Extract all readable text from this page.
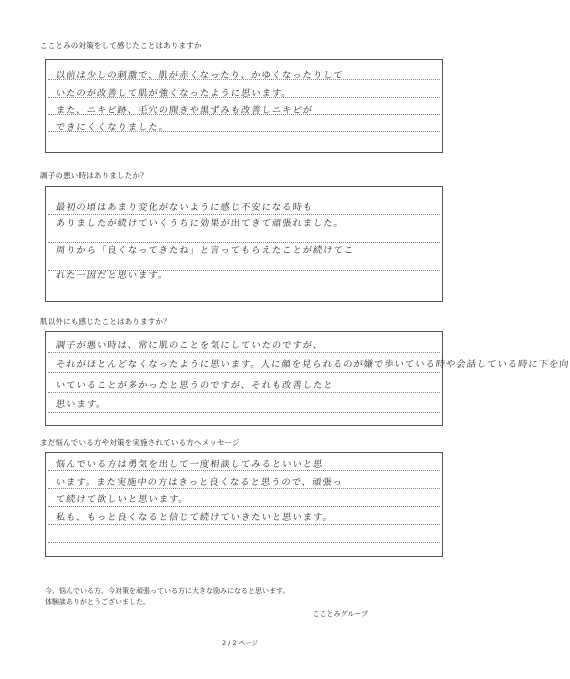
こことみの対策をして感じたことはありますか
以前は少しの刺激で、肌が赤くなったり、かゆくなったりして
いたのが改善して肌が強くなったように思います。
また、ニキビ跡、毛穴の開きや黒ずみも改善しニキビが
できにくくなりました。
調子の悪い時はありましたか？
最初の頃はあまり変化がないように感じ不安になる時も
ありましたが続けていくうちに効果が出てきて頑張れました。
周りから「良くなってきたね」と言ってもらえたことが続けてこ
れた一因だと思います。
肌以外にも感じたことはありますか？
調子が悪い時は、常に肌のことを気にしていたのですが、
それがほとんどなくなったように思います。人に顔を見られるのが嫌で歩いている時や会話している時に下を向
いていることが多かったと思うのですが、それも改善したと
思います。
まだ悩んでいる方や対策を実施されている方へメッセージ
悩んでいる方は勇気を出して一度相談してみるといいと思
います。また実施中の方はきっと良くなると思うので、頑張っ
て続けて欲しいと思います。
私も、もっと良くなると信じて続けていきたいと思います。
今、悩んでいる方、今対策を頑張っている方に大きな励みになると思います。
体験談ありがとうございました。
こことみグループ
2 / 2 ページ
